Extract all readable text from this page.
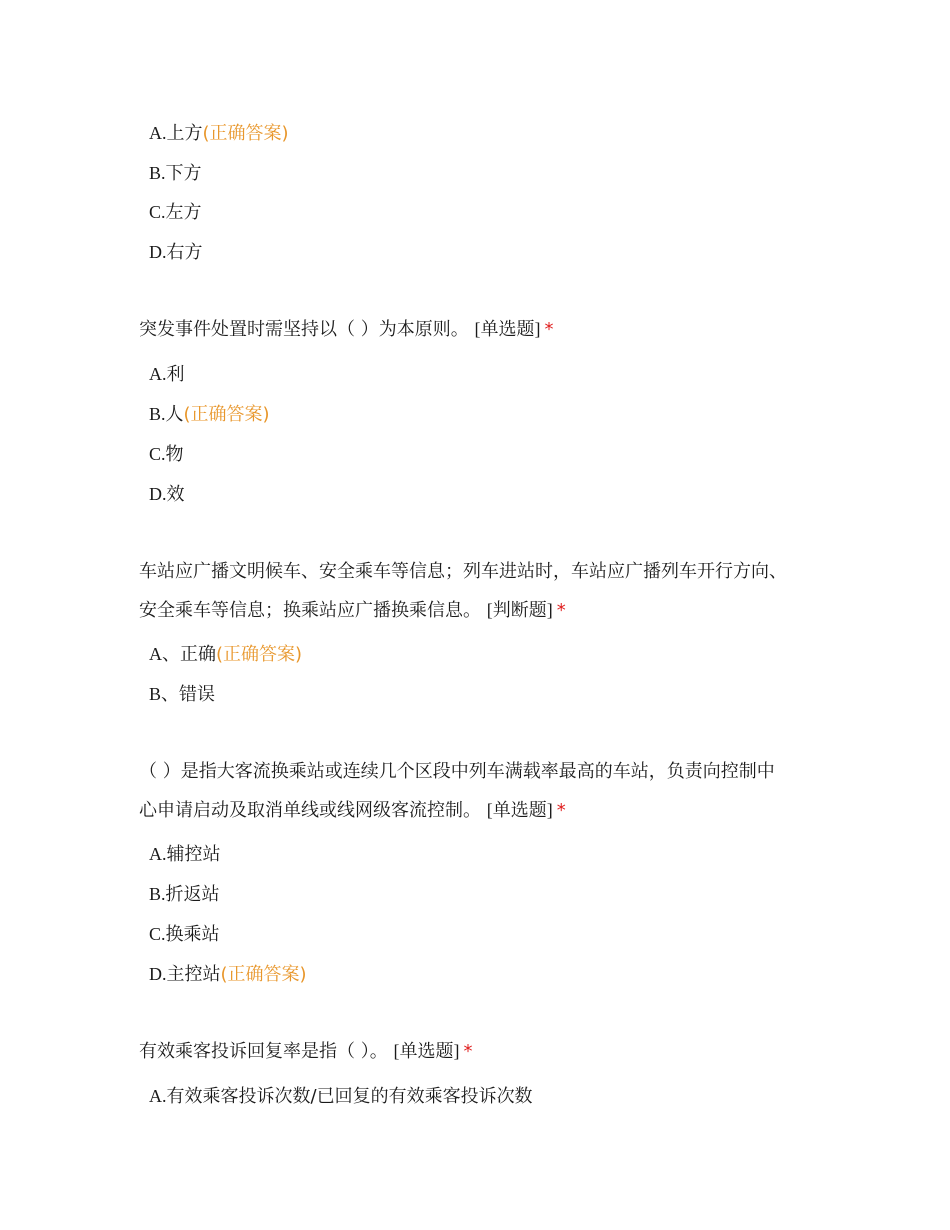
A.上方(正确答案)
B.下方
C.左方
D.右方
突发事件处置时需坚持以（ ）为本原则。 [单选题] *
A.利
B.人(正确答案)
C.物
D.效
车站应广播文明候车、安全乘车等信息；列车进站时，车站应广播列车开行方向、
安全乘车等信息；换乘站应广播换乘信息。 [判断题] *
A、正确(正确答案)
B、错误
（ ）是指大客流换乘站或连续几个区段中列车满载率最高的车站，负责向控制中
心申请启动及取消单线或线网级客流控制。 [单选题] *
A.辅控站
B.折返站
C.换乘站
D.主控站(正确答案)
有效乘客投诉回复率是指（ ）。 [单选题] *
A.有效乘客投诉次数/已回复的有效乘客投诉次数
